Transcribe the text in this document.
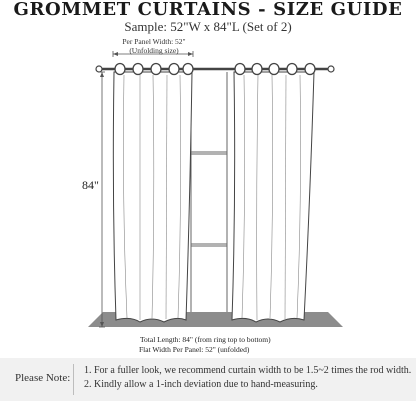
GROMMET CURTAINS - SIZE GUIDE
Sample: 52"W x 84"L (Set of 2)
Per Panel Width: 52"
(Unfolding size)
84"
Total Length: 84" (from ring top to bottom)
Flat Width Per Panel: 52" (unfolded)
Please Note:
1. For a fuller look, we recommend curtain width to be 1.5~2 times the rod width.
2. Kindly allow a 1-inch deviation due to hand-measuring.
